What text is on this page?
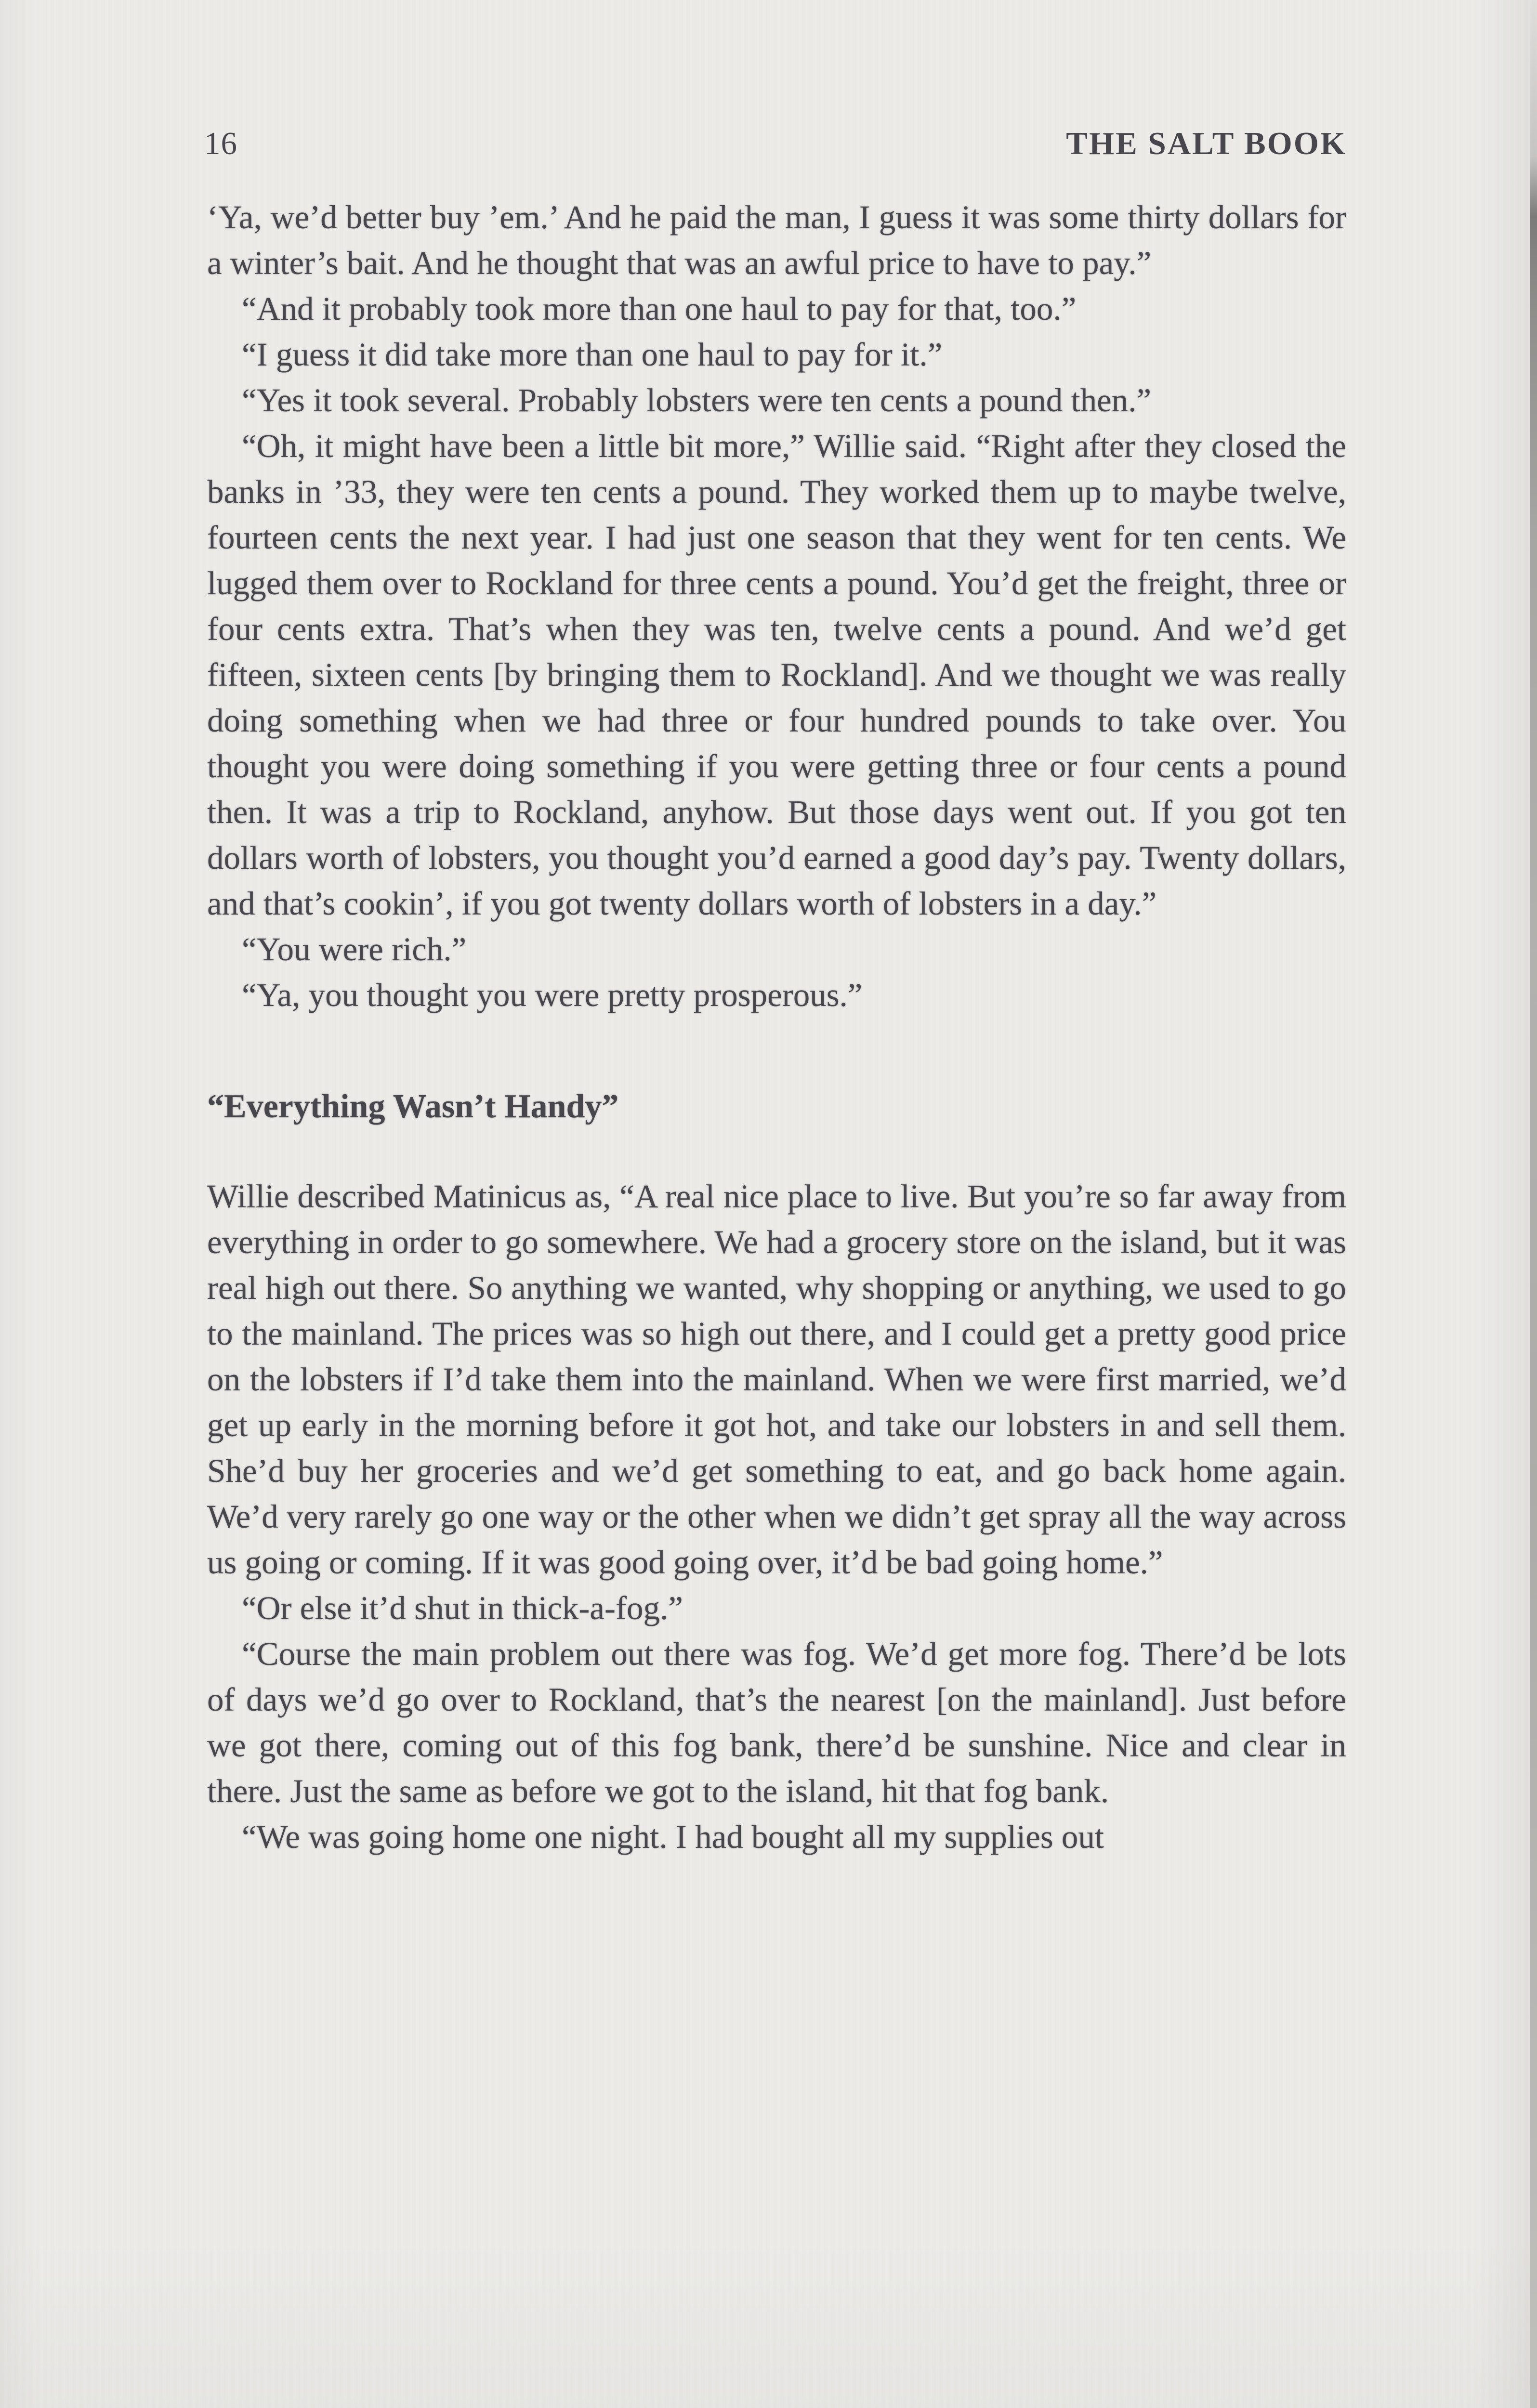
16	THE SALT BOOK

‘Ya, we’d better buy ’em.’ And he paid the man, I guess it was some thirty dollars for a winter’s bait. And he thought that was an awful price to have to pay.”

“And it probably took more than one haul to pay for that, too.”

“I guess it did take more than one haul to pay for it.”

“Yes it took several. Probably lobsters were ten cents a pound then.”

“Oh, it might have been a little bit more,” Willie said. “Right after they closed the banks in ’33, they were ten cents a pound. They worked them up to maybe twelve, fourteen cents the next year. I had just one season that they went for ten cents. We lugged them over to Rockland for three cents a pound. You’d get the freight, three or four cents extra. That’s when they was ten, twelve cents a pound. And we’d get fifteen, sixteen cents [by bringing them to Rockland]. And we thought we was really doing something when we had three or four hundred pounds to take over. You thought you were doing something if you were getting three or four cents a pound then. It was a trip to Rockland, anyhow. But those days went out. If you got ten dollars worth of lobsters, you thought you’d earned a good day’s pay. Twenty dollars, and that’s cookin’, if you got twenty dollars worth of lobsters in a day.”

“You were rich.”

“Ya, you thought you were pretty prosperous.”

“Everything Wasn’t Handy”

Willie described Matinicus as, “A real nice place to live. But you’re so far away from everything in order to go somewhere. We had a grocery store on the island, but it was real high out there. So anything we wanted, why shopping or anything, we used to go to the mainland. The prices was so high out there, and I could get a pretty good price on the lobsters if I’d take them into the mainland. When we were first married, we’d get up early in the morning before it got hot, and take our lobsters in and sell them. She’d buy her groceries and we’d get something to eat, and go back home again. We’d very rarely go one way or the other when we didn’t get spray all the way across us going or coming. If it was good going over, it’d be bad going home.”

“Or else it’d shut in thick-a-fog.”

“Course the main problem out there was fog. We’d get more fog. There’d be lots of days we’d go over to Rockland, that’s the nearest [on the mainland]. Just before we got there, coming out of this fog bank, there’d be sunshine. Nice and clear in there. Just the same as before we got to the island, hit that fog bank.

“We was going home one night. I had bought all my supplies out
